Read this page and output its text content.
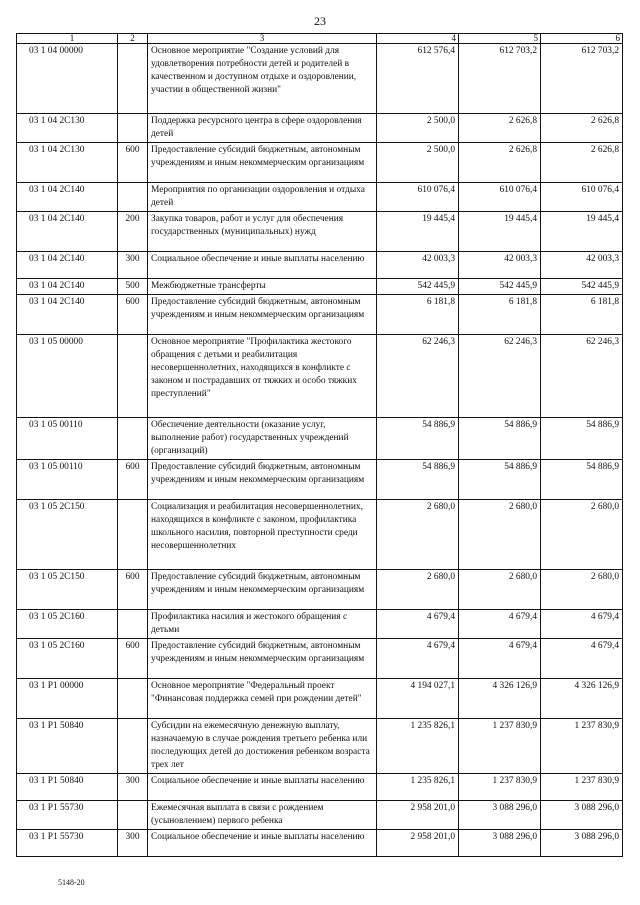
23
1	2	3	4	5	6
03 1 04 00000		Основное мероприятие "Создание условий для удовлетворения потребности детей и родителей в качественном и доступном отдыхе и оздоровлении, участии в общественной жизни"	612 576,4	612 703,2	612 703,2
03 1 04 2С130		Поддержка ресурсного центра в сфере оздоровления детей	2 500,0	2 626,8	2 626,8
03 1 04 2С130	600	Предоставление субсидий бюджетным, автономным учреждениям и иным некоммерческим организациям	2 500,0	2 626,8	2 626,8
03 1 04 2С140		Мероприятия по организации оздоровления и отдыха детей	610 076,4	610 076,4	610 076,4
03 1 04 2С140	200	Закупка товаров, работ и услуг для обеспечения государственных (муниципальных) нужд	19 445,4	19 445,4	19 445,4
03 1 04 2С140	300	Социальное обеспечение и иные выплаты населению	42 003,3	42 003,3	42 003,3
03 1 04 2С140	500	Межбюджетные трансферты	542 445,9	542 445,9	542 445,9
03 1 04 2С140	600	Предоставление субсидий бюджетным, автономным учреждениям и иным некоммерческим организациям	6 181,8	6 181,8	6 181,8
03 1 05 00000		Основное мероприятие "Профилактика жестокого обращения с детьми и реабилитация несовершеннолетних, находящихся в конфликте с законом и пострадавших от тяжких и особо тяжких преступлений"	62 246,3	62 246,3	62 246,3
03 1 05 00110		Обеспечение деятельности (оказание услуг, выполнение работ) государственных учреждений (организаций)	54 886,9	54 886,9	54 886,9
03 1 05 00110	600	Предоставление субсидий бюджетным, автономным учреждениям и иным некоммерческим организациям	54 886,9	54 886,9	54 886,9
03 1 05 2С150		Социализация и реабилитация несовершеннолетних, находящихся в конфликте с законом, профилактика школьного насилия, повторной преступности среди несовершеннолетних	2 680,0	2 680,0	2 680,0
03 1 05 2С150	600	Предоставление субсидий бюджетным, автономным учреждениям и иным некоммерческим организациям	2 680,0	2 680,0	2 680,0
03 1 05 2С160		Профилактика насилия и жестокого обращения с детьми	4 679,4	4 679,4	4 679,4
03 1 05 2С160	600	Предоставление субсидий бюджетным, автономным учреждениям и иным некоммерческим организациям	4 679,4	4 679,4	4 679,4
03 1 Р1 00000		Основное мероприятие "Федеральный проект "Финансовая поддержка семей при рождении детей"	4 194 027,1	4 326 126,9	4 326 126,9
03 1 Р1 50840		Субсидии на ежемесячную денежную выплату, назначаемую в случае рождения третьего ребенка или последующих детей до достижения ребенком возраста трех лет	1 235 826,1	1 237 830,9	1 237 830,9
03 1 Р1 50840	300	Социальное обеспечение и иные выплаты населению	1 235 826,1	1 237 830,9	1 237 830,9
03 1 Р1 55730		Ежемесячная выплата в связи с рождением (усыновлением) первого ребенка	2 958 201,0	3 088 296,0	3 088 296,0
03 1 Р1 55730	300	Социальное обеспечение и иные выплаты населению	2 958 201,0	3 088 296,0	3 088 296,0
5148-20
